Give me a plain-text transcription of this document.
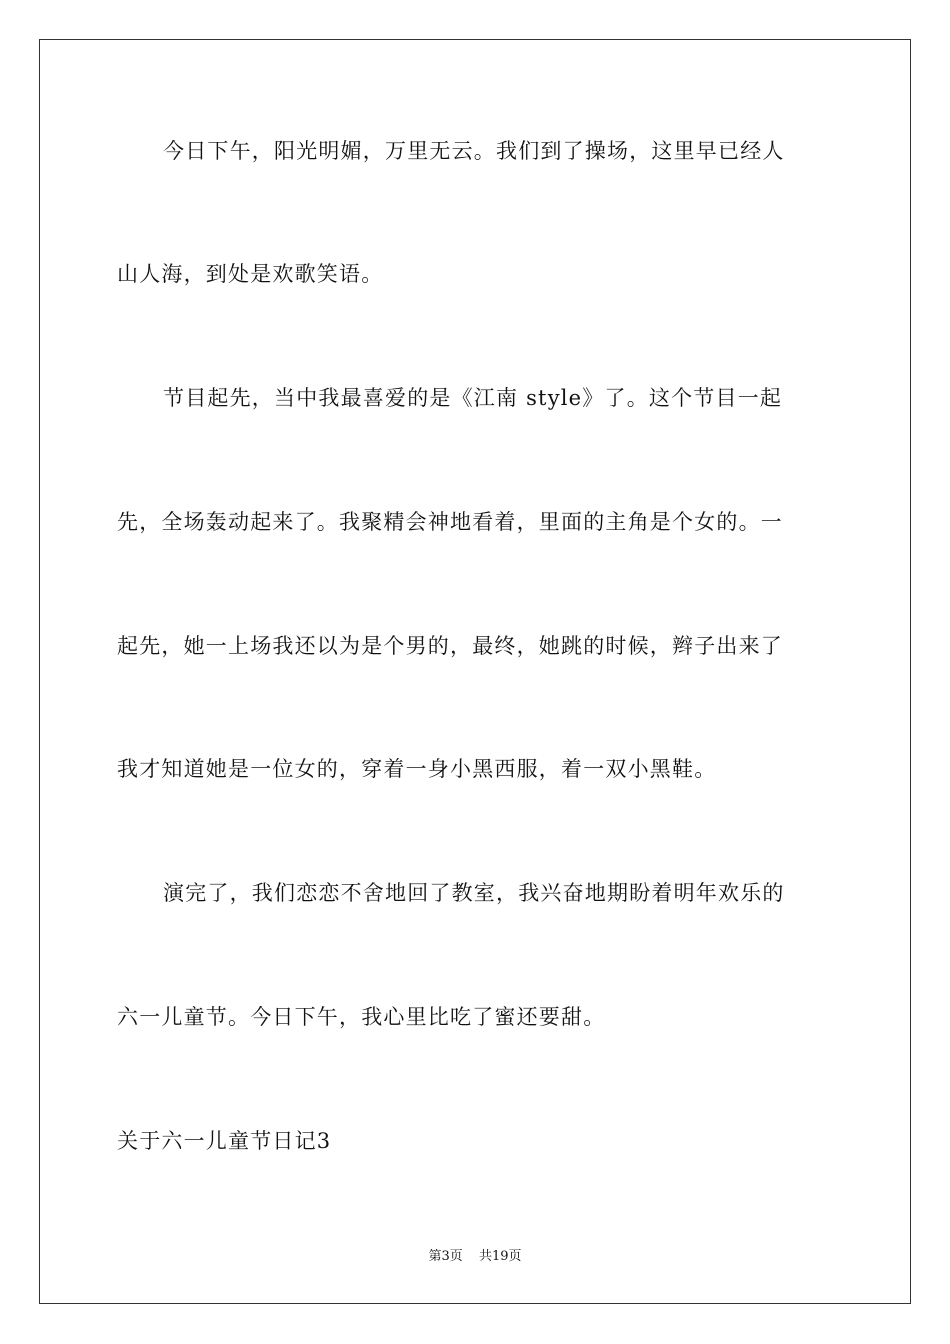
今日下午，阳光明媚，万里无云。我们到了操场，这里早已经人
山人海，到处是欢歌笑语。
节目起先，当中我最喜爱的是《江南 style》了。这个节目一起
先，全场轰动起来了。我聚精会神地看着，里面的主角是个女的。一
起先，她一上场我还以为是个男的，最终，她跳的时候，辫子出来了
我才知道她是一位女的，穿着一身小黑西服，着一双小黑鞋。
演完了，我们恋恋不舍地回了教室，我兴奋地期盼着明年欢乐的
六一儿童节。今日下午，我心里比吃了蜜还要甜。
关于六一儿童节日记3
第3页 共19页
